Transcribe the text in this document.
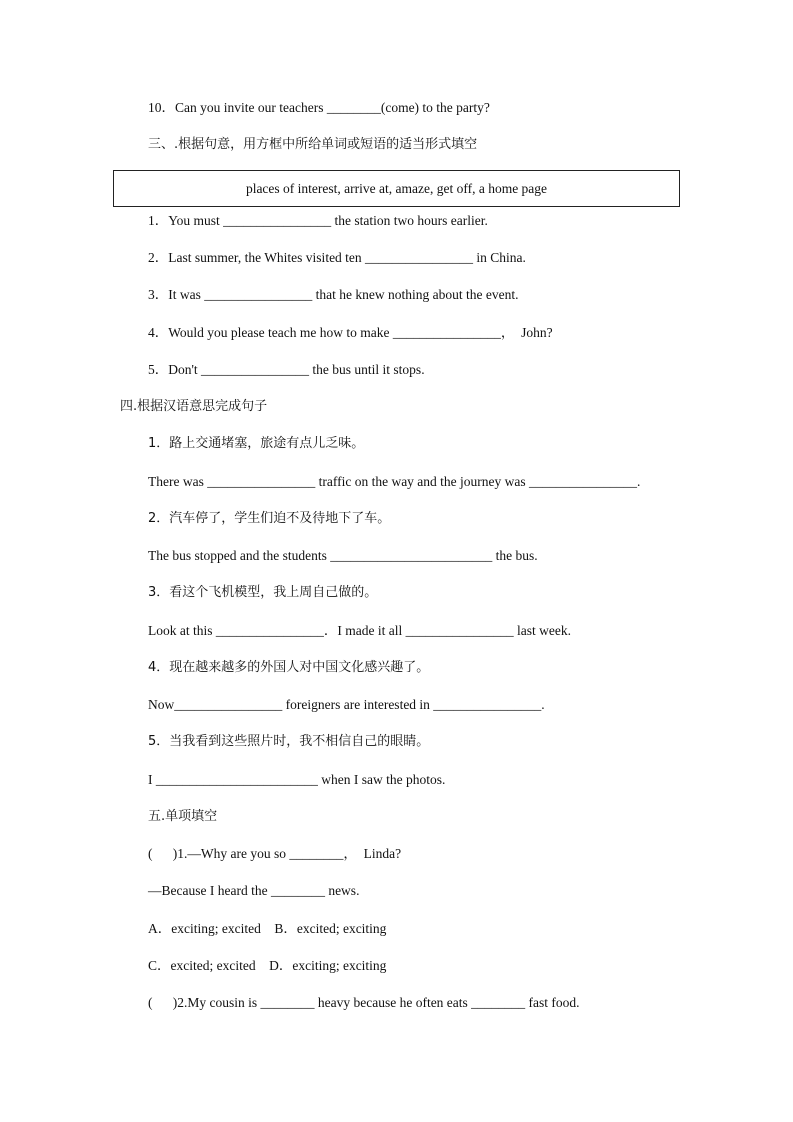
10．Can you invite our teachers ________(come) to the party?
三、.根据句意，用方框中所给单词或短语的适当形式填空
places of interest, arrive at, amaze, get off, a home page
1．You must ________________ the station two hours earlier.
2．Last summer, the Whites visited ten ________________ in China.
3．It was ________________ that he knew nothing about the event.
4．Would you please teach me how to make ________________，  John?
5．Don't ________________ the bus until it stops.
四.根据汉语意思完成句子
1．路上交通堵塞，旅途有点儿乏味。
There was ________________ traffic on the way and the journey was ________________.
2．汽车停了，学生们迫不及待地下了车。
The bus stopped and the students ________________________ the bus.
3．看这个飞机模型，我上周自己做的。
Look at this ________________．I made it all ________________ last week.
4．现在越来越多的外国人对中国文化感兴趣了。
Now________________ foreigners are interested in ________________.
5．当我看到这些照片时，我不相信自己的眼睛。
I ________________________ when I saw the photos.
五.单项填空
(      )1.—Why are you so ________，  Linda?
—Because I heard the ________ news.
A．exciting; excited    B．excited; exciting
C．excited; excited    D．exciting; exciting
(      )2.My cousin is ________ heavy because he often eats ________ fast food.
